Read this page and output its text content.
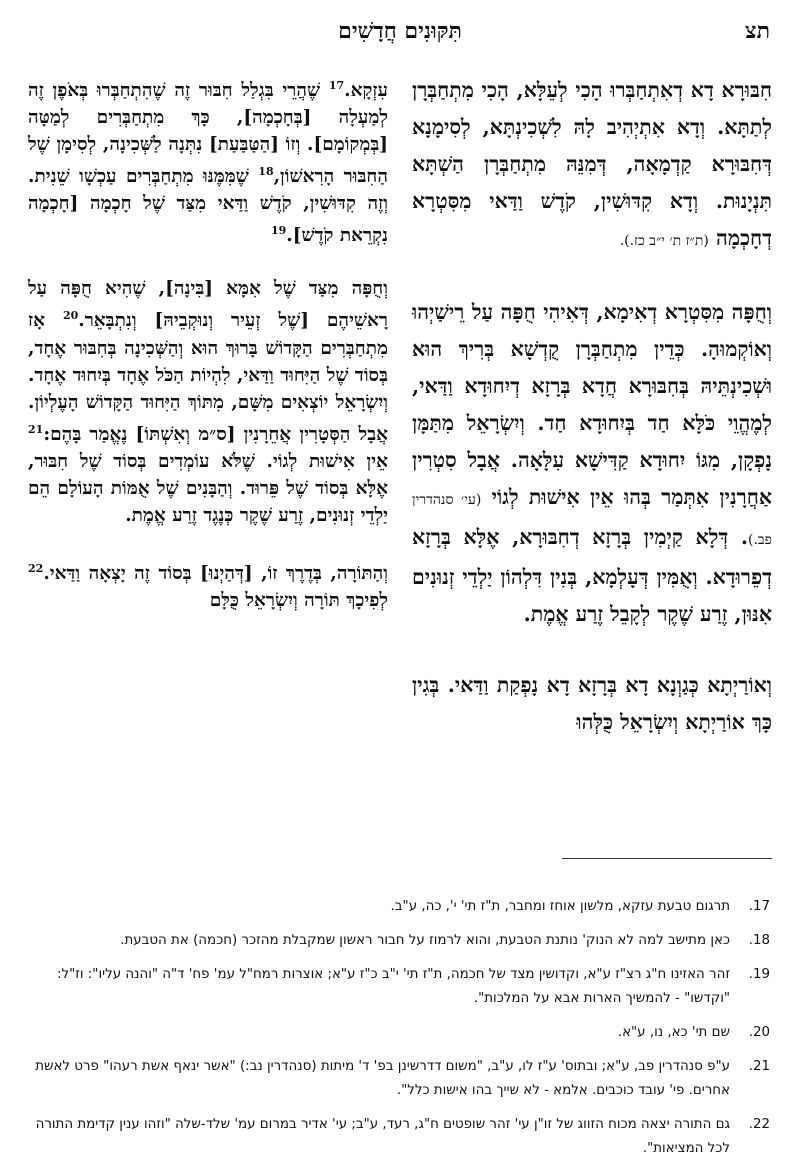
תצ
תִּקּוּנִים חֲדָשִׁים

חִבּוּרָא דָא דְאִתְחַבְּרוּ הָכִי לְעֵלָּא, הָכִי מִתְחַבְּרָן לְתַתָּא. וְדָא אִתְיְהִיב לָהּ לִשְׁכִינְתָּא, לְסִימָנָא דְּחִבּוּרָא קַדְמָאָה, דְּמִנֵּהּ מִתְחַבְּרָן הַשְׁתָּא תִּנְיָנוּת. וְדָא קִדּוּשִׁין, קֹדֶשׁ וַדַּאי מִסִּטְרָא דְחָכְמָה (ת״ז ת׳ י״ב כז.).

וְחֻפָּה מִסִּטְרָא דְאִימָא, דְּאִיהִי חֻפָּה עַל רֵישַׁיְהוּ וְאוֹקְמוּהָ. כְּדֵין מִתְחַבְּרָן קֻדְשָׁא בְּרִיךְ הוּא וּשְׁכִינְתֵּיהּ בְּחִבּוּרָא חֲדָא בְּרָזָא דְיִחוּדָא וַדַּאי, לְמֶהֱוֵי כֹּלָּא חַד בְּיִחוּדָא חַד. וְיִשְׂרָאֵל מִתַּמָּן נָפְקָן, מִגּוֹ יִחוּדָא קַדִּישָׁא עִלָּאָה. אֲבָל סִטְרִין אַחֲרָנִין אִתְּמַר בְּהוּ אֵין אִישׁוּת לְגוֹי (עי׳ סנהדרין פב.). דְּלָא קַיְמִין בְּרָזָא דְחִבּוּרָא, אֶלָּא בְּרָזָא דְפֵרוּדָא. וְאֻמִּין דְּעָלְמָא, בְּנִין דִּלְהוֹן יַלְדֵי זְנוּנִים אִנּוּן, זֶרַע שֶׁקֶר לְקָבֵל זֶרַע אֱמֶת.

וְאוֹרַיְתָא כְּגַוְנָא דָא בְּרָזָא דָא נָפְקַת וַדַּאי. בְּגִין כָּךְ אוֹרַיְתָא וְיִשְׂרָאֵל כֻּלְּהוּ

עִזְקָא.$^{17}$ שֶׁהֲרֵי בִּגְלַל חִבּוּר זֶה שֶׁהִתְחַבְּרוּ בְּאֹפֶן זֶה לְמַעְלָה [בְּחָכְמָה], כָּךְ מִתְחַבְּרִים לְמַטָּה [בְּמְקוֹמָם]. וְזוֹ [הַטַּבַּעַת] נִתְּנָה לַשְּׁכִינָה, לְסִימָן שֶׁל הַחִבּוּר הָרִאשׁוֹן,$^{18}$ שֶׁמִּמֶּנּוּ מִתְחַבְּרִים עַכְשָׁו שֵׁנִית. וְזֶה קִדּוּשִׁין, קֹדֶשׁ וַדַּאי מִצַּד שֶׁל חָכְמָה [חָכְמָה נִקְרֵאת קֹדֶשׁ].$^{19}$

וְחֻפָּה מִצַּד שֶׁל אִמָּא [בִּינָה], שֶׁהִיא חֻפָּה עַל רָאשֵׁיהֶם [שֶׁל זְעֵיר וְנוּקְבֵיהּ] וְנִתְבָּאֵר.$^{20}$ אָז מִתְחַבְּרִים הַקָּדוֹשׁ בָּרוּךְ הוּא וְהַשְּׁכִינָה בְּחִבּוּר אֶחָד, בְּסוֹד שֶׁל הַיִּחוּד וַדַּאי, לִהְיוֹת הַכֹּל אֶחָד בְּיִחוּד אֶחָד. וְיִשְׂרָאֵל יוֹצְאִים מִשָּׁם, מִתּוֹךְ הַיִּחוּד הַקָּדוֹשׁ הָעֶלְיוֹן. אֲבָל הַסְּטָרִין אֲחֵרָנִין [ס״מ וְאִשְׁתּוֹ] נֶאֱמַר בָּהֶם:$^{21}$ אֵין אִישׁוּת לְגוֹי. שֶׁלֹּא עוֹמְדִים בְּסוֹד שֶׁל חִבּוּר, אֶלָּא בְּסוֹד שֶׁל פֵּרוּד. וְהַבָּנִים שֶׁל אֻמּוֹת הָעוֹלָם הֵם יַלְדֵי זְנוּנִים, זֶרַע שֶׁקֶר כְּנֶגֶד זֶרַע אֱמֶת.

וְהַתּוֹרָה, בְּדֶרֶךְ זוֹ, [דְּהַיְנוּ] בְּסוֹד זֶה יָצְאָה וַדַּאי.$^{22}$ לְפִיכָךְ תּוֹרָה וְיִשְׂרָאֵל כֻּלָּם

17.
תרגום טבעת עזקא, מלשון אוחז ומחבר, ת"ז תי' י', כה, ע"ב.
18.
כאן מתישב למה לא הנוק' נותנת הטבעת, והוא לרמוז על חבור ראשון שמקבלת מהזכר (חכמה) את הטבעת.
19.
זהר האזינו ח"ג רצ"ז ע"א, וקדושין מצד של חכמה, ת"ז תי' י"ב כ"ז ע"א; אוצרות רמח"ל עמ' פח' ד"ה "והנה עליו": וז"ל: "וקדשו" - להמשיך הארות אבא על המלכות".
20.
שם תי' כא, נו, ע"א.
21.
ע"פ סנהדרין פב, ע"א; ובתוס' ע"ז לו, ע"ב, "משום דדרשינן בפ' ד' מיתות (סנהדרין נב:) "אשר ינאף אשת רעהו" פרט לאשת אחרים. פי' עובד כוכבים. אלמא - לא שייך בהו אישות כלל".
22.
גם התורה יצאה מכוח הזווג של זו"ן עי' זהר שופטים ח"ג, רעד, ע"ב; עי' אדיר במרום עמ' שלד-שלה "וזהו ענין קדימת התורה לכל המציאות".
